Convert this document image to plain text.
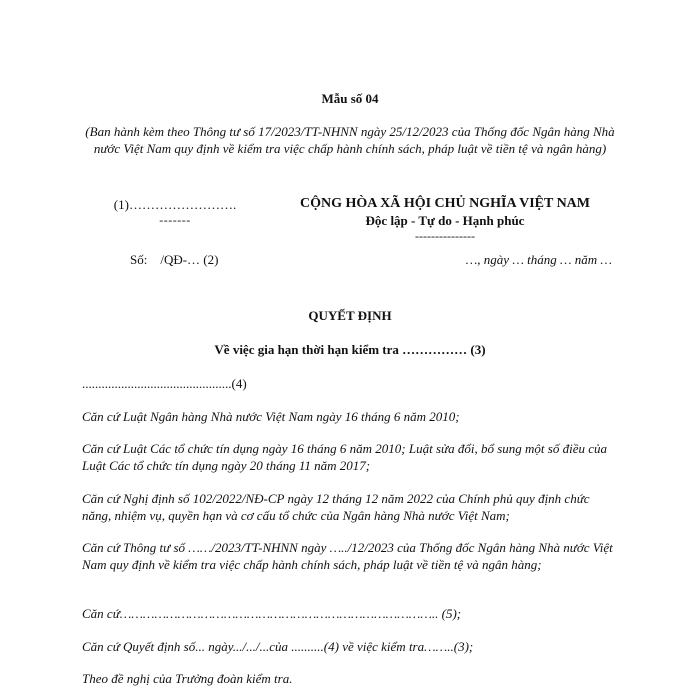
Mẫu số 04
(Ban hành kèm theo Thông tư số 17/2023/TT-NHNN ngày 25/12/2023 của Thống đốc Ngân hàng Nhà nước Việt Nam quy định về kiểm tra việc chấp hành chính sách, pháp luật về tiền tệ và ngân hàng)
(1)…………………….
-------
CỘNG HÒA XÃ HỘI CHỦ NGHĨA VIỆT NAM
Độc lập - Tự do - Hạnh phúc
---------------
Số:    /QĐ-… (2)	…, ngày … tháng … năm …
QUYẾT ĐỊNH
Về việc gia hạn thời hạn kiểm tra …………… (3)
..............................................(4)
Căn cứ Luật Ngân hàng Nhà nước Việt Nam ngày 16 tháng 6 năm 2010;
Căn cứ Luật Các tổ chức tín dụng ngày 16 tháng 6 năm 2010; Luật sửa đổi, bổ sung một số điều của Luật Các tổ chức tín dụng ngày 20 tháng 11 năm 2017;
Căn cứ Nghị định số 102/2022/NĐ-CP ngày 12 tháng 12 năm 2022 của Chính phủ quy định chức năng, nhiệm vụ, quyền hạn và cơ cấu tổ chức của Ngân hàng Nhà nước Việt Nam;
Căn cứ Thông tư số ……/2023/TT-NHNN ngày …../12/2023 của Thống đốc Ngân hàng Nhà nước Việt Nam quy định về kiểm tra việc chấp hành chính sách, pháp luật về tiền tệ và ngân hàng;
Căn cứ……………………………………………………………………….. (5);
Căn cứ Quyết định số... ngày.../.../...của ..........(4) về việc kiểm tra……..(3);
Theo đề nghị của Trưởng đoàn kiểm tra.
